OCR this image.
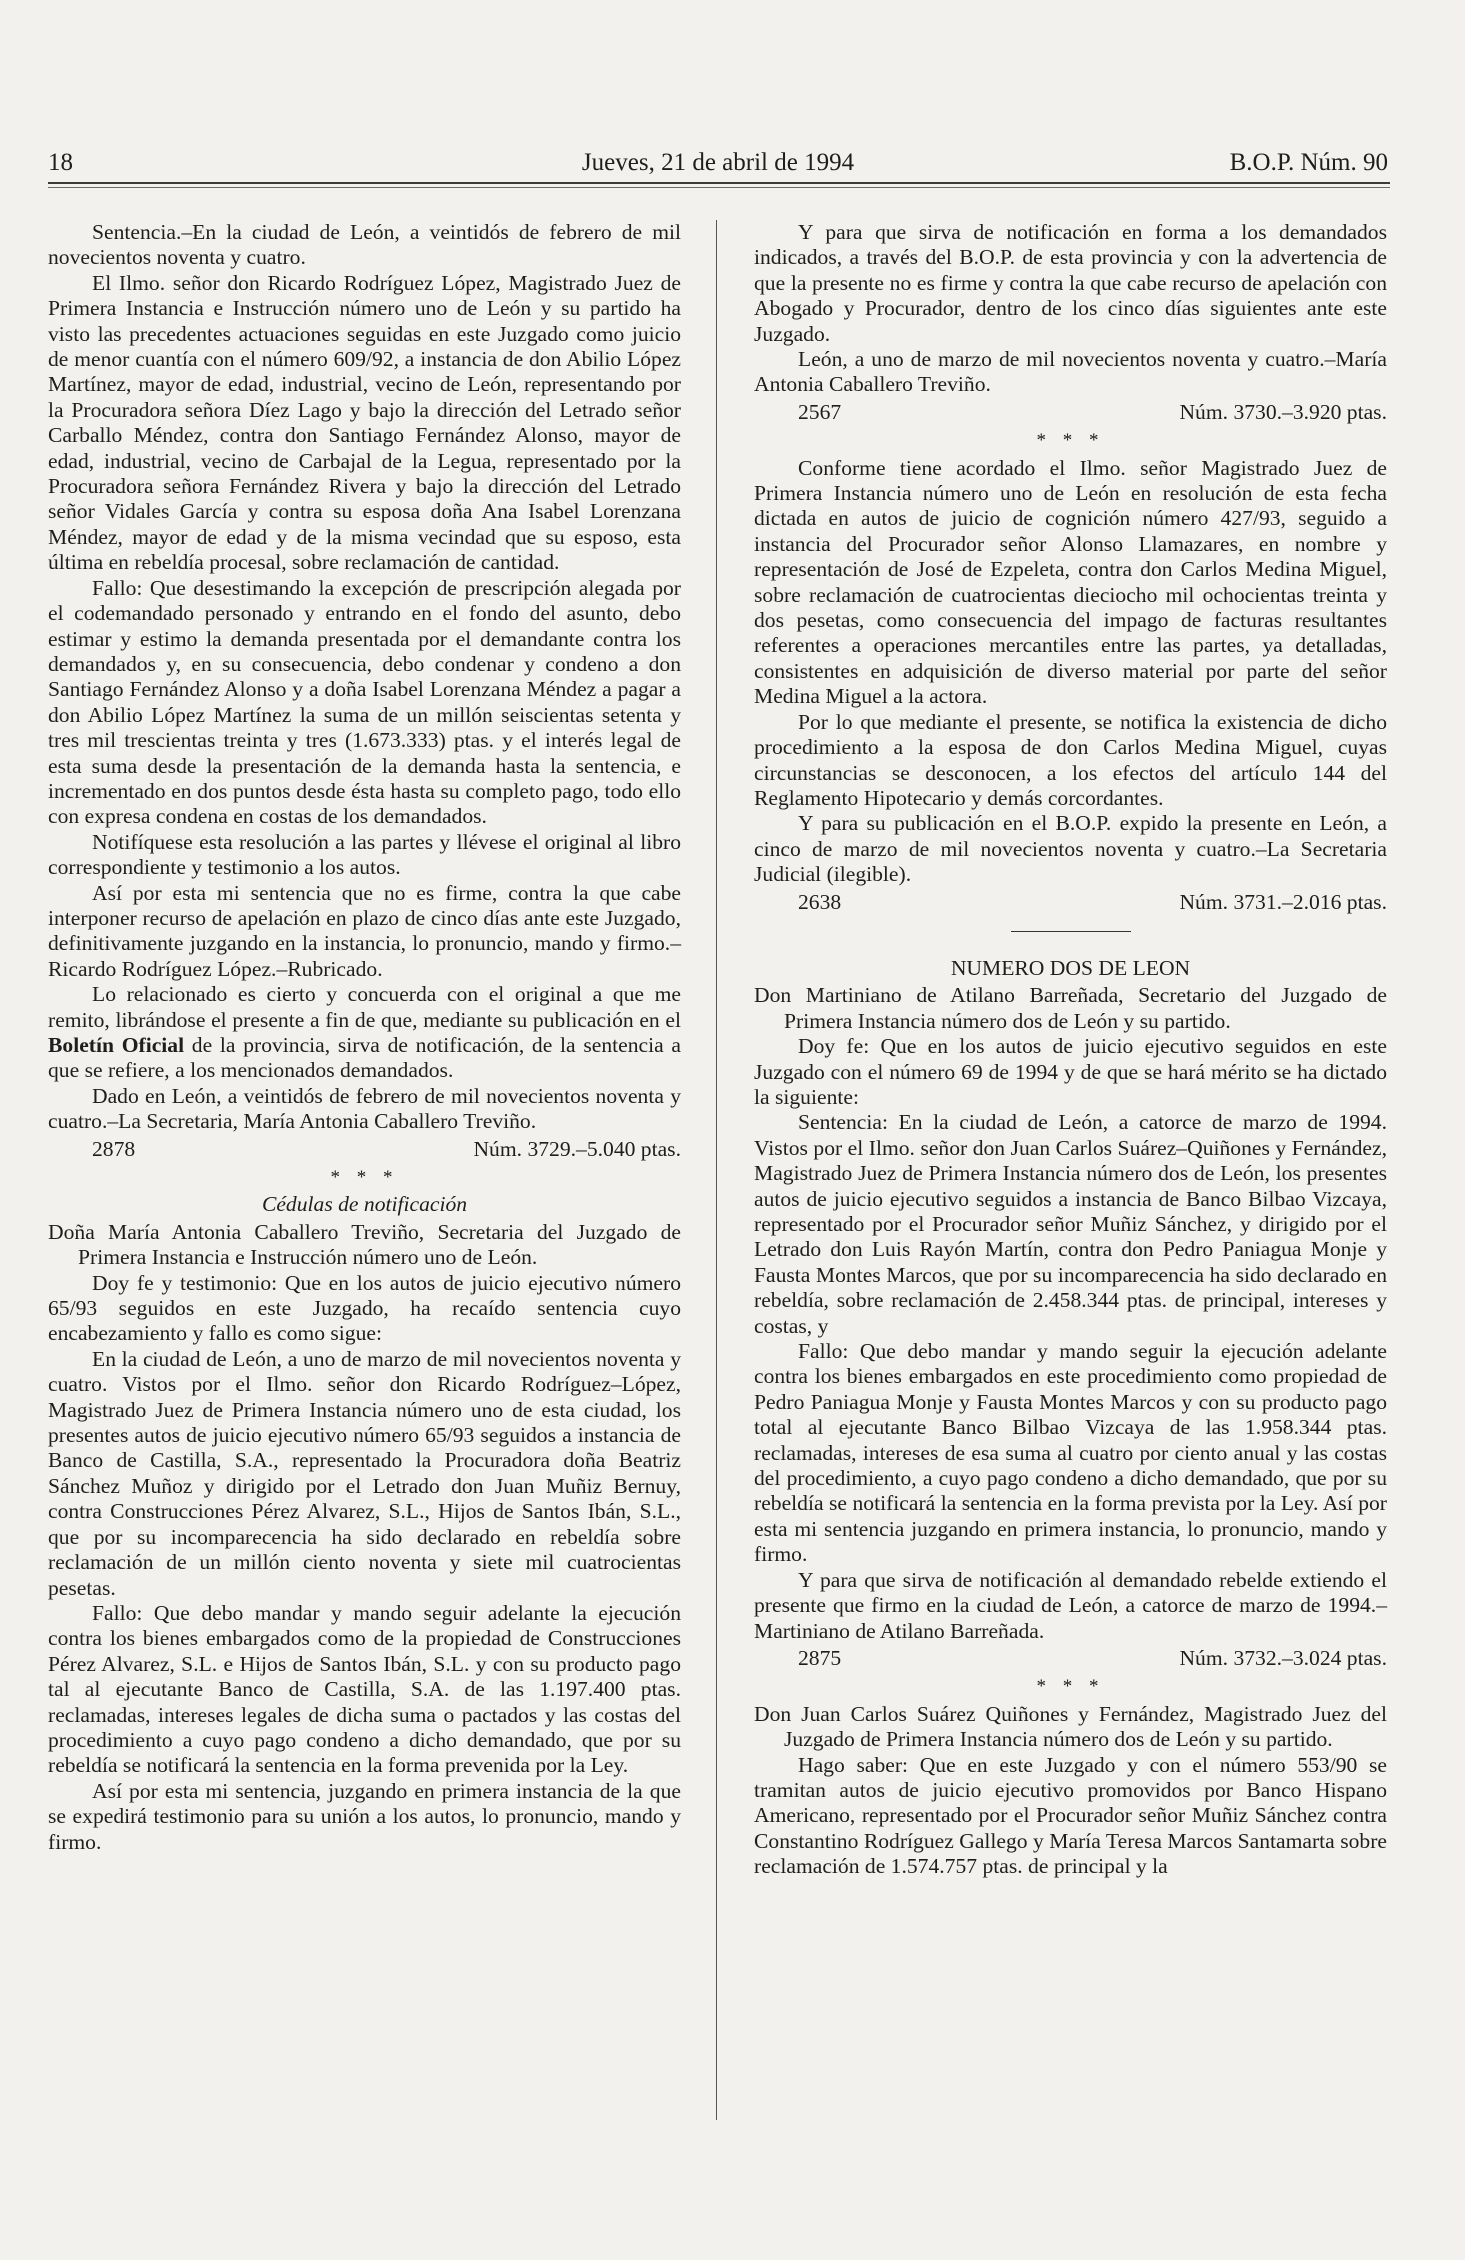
18	Jueves, 21 de abril de 1994	B.O.P. Núm. 90

Sentencia.–En la ciudad de León, a veintidós de febrero de mil novecientos noventa y cuatro.

El Ilmo. señor don Ricardo Rodríguez López, Magistrado Juez de Primera Instancia e Instrucción número uno de León y su partido ha visto las precedentes actuaciones seguidas en este Juzgado como juicio de menor cuantía con el número 609/92, a instancia de don Abilio López Martínez, mayor de edad, industrial, vecino de León, representando por la Procuradora señora Díez Lago y bajo la dirección del Letrado señor Carballo Méndez, contra don Santiago Fernández Alonso, mayor de edad, industrial, vecino de Carbajal de la Legua, representado por la Procuradora señora Fernández Rivera y bajo la dirección del Letrado señor Vidales García y contra su esposa doña Ana Isabel Lorenzana Méndez, mayor de edad y de la misma vecindad que su esposo, esta última en rebeldía procesal, sobre reclamación de cantidad.

Fallo: Que desestimando la excepción de prescripción alegada por el codemandado personado y entrando en el fondo del asunto, debo estimar y estimo la demanda presentada por el demandante contra los demandados y, en su consecuencia, debo condenar y condeno a don Santiago Fernández Alonso y a doña Isabel Lorenzana Méndez a pagar a don Abilio López Martínez la suma de un millón seiscientas setenta y tres mil trescientas treinta y tres (1.673.333) ptas. y el interés legal de esta suma desde la presentación de la demanda hasta la sentencia, e incrementado en dos puntos desde ésta hasta su completo pago, todo ello con expresa condena en costas de los demandados.

Notifíquese esta resolución a las partes y llévese el original al libro correspondiente y testimonio a los autos.

Así por esta mi sentencia que no es firme, contra la que cabe interponer recurso de apelación en plazo de cinco días ante este Juzgado, definitivamente juzgando en la instancia, lo pronuncio, mando y firmo.–Ricardo Rodríguez López.–Rubricado.

Lo relacionado es cierto y concuerda con el original a que me remito, librándose el presente a fin de que, mediante su publicación en el Boletín Oficial de la provincia, sirva de notificación, de la sentencia a que se refiere, a los mencionados demandados.

Dado en León, a veintidós de febrero de mil novecientos noventa y cuatro.–La Secretaria, María Antonia Caballero Treviño.

2878	Núm. 3729.–5.040 ptas.
* * *
Cédulas de notificación

Doña María Antonia Caballero Treviño, Secretaria del Juzgado de Primera Instancia e Instrucción número uno de León.

Doy fe y testimonio: Que en los autos de juicio ejecutivo número 65/93 seguidos en este Juzgado, ha recaído sentencia cuyo encabezamiento y fallo es como sigue:

En la ciudad de León, a uno de marzo de mil novecientos noventa y cuatro. Vistos por el Ilmo. señor don Ricardo Rodríguez–López, Magistrado Juez de Primera Instancia número uno de esta ciudad, los presentes autos de juicio ejecutivo número 65/93 seguidos a instancia de Banco de Castilla, S.A., representado la Procuradora doña Beatriz Sánchez Muñoz y dirigido por el Letrado don Juan Muñiz Bernuy, contra Construcciones Pérez Alvarez, S.L., Hijos de Santos Ibán, S.L., que por su incomparecencia ha sido declarado en rebeldía sobre reclamación de un millón ciento noventa y siete mil cuatrocientas pesetas.

Fallo: Que debo mandar y mando seguir adelante la ejecución contra los bienes embargados como de la propiedad de Construcciones Pérez Alvarez, S.L. e Hijos de Santos Ibán, S.L. y con su producto pago tal al ejecutante Banco de Castilla, S.A. de las 1.197.400 ptas. reclamadas, intereses legales de dicha suma o pactados y las costas del procedimiento a cuyo pago condeno a dicho demandado, que por su rebeldía se notificará la sentencia en la forma prevenida por la Ley.

Así por esta mi sentencia, juzgando en primera instancia de la que se expedirá testimonio para su unión a los autos, lo pronuncio, mando y firmo.

Y para que sirva de notificación en forma a los demandados indicados, a través del B.O.P. de esta provincia y con la advertencia de que la presente no es firme y contra la que cabe recurso de apelación con Abogado y Procurador, dentro de los cinco días siguientes ante este Juzgado.

León, a uno de marzo de mil novecientos noventa y cuatro.–María Antonia Caballero Treviño.

2567	Núm. 3730.–3.920 ptas.
* * *

Conforme tiene acordado el Ilmo. señor Magistrado Juez de Primera Instancia número uno de León en resolución de esta fecha dictada en autos de juicio de cognición número 427/93, seguido a instancia del Procurador señor Alonso Llamazares, en nombre y representación de José de Ezpeleta, contra don Carlos Medina Miguel, sobre reclamación de cuatrocientas dieciocho mil ochocientas treinta y dos pesetas, como consecuencia del impago de facturas resultantes referentes a operaciones mercantiles entre las partes, ya detalladas, consistentes en adquisición de diverso material por parte del señor Medina Miguel a la actora.

Por lo que mediante el presente, se notifica la existencia de dicho procedimiento a la esposa de don Carlos Medina Miguel, cuyas circunstancias se desconocen, a los efectos del artículo 144 del Reglamento Hipotecario y demás corcordantes.

Y para su publicación en el B.O.P. expido la presente en León, a cinco de marzo de mil novecientos noventa y cuatro.–La Secretaria Judicial (ilegible).

2638	Núm. 3731.–2.016 ptas.
NUMERO DOS DE LEON

Don Martiniano de Atilano Barreñada, Secretario del Juzgado de Primera Instancia número dos de León y su partido.

Doy fe: Que en los autos de juicio ejecutivo seguidos en este Juzgado con el número 69 de 1994 y de que se hará mérito se ha dictado la siguiente:

Sentencia: En la ciudad de León, a catorce de marzo de 1994. Vistos por el Ilmo. señor don Juan Carlos Suárez–Quiñones y Fernández, Magistrado Juez de Primera Instancia número dos de León, los presentes autos de juicio ejecutivo seguidos a instancia de Banco Bilbao Vizcaya, representado por el Procurador señor Muñiz Sánchez, y dirigido por el Letrado don Luis Rayón Martín, contra don Pedro Paniagua Monje y Fausta Montes Marcos, que por su incomparecencia ha sido declarado en rebeldía, sobre reclamación de 2.458.344 ptas. de principal, intereses y costas, y

Fallo: Que debo mandar y mando seguir la ejecución adelante contra los bienes embargados en este procedimiento como propiedad de Pedro Paniagua Monje y Fausta Montes Marcos y con su producto pago total al ejecutante Banco Bilbao Vizcaya de las 1.958.344 ptas. reclamadas, intereses de esa suma al cuatro por ciento anual y las costas del procedimiento, a cuyo pago condeno a dicho demandado, que por su rebeldía se notificará la sentencia en la forma prevista por la Ley. Así por esta mi sentencia juzgando en primera instancia, lo pronuncio, mando y firmo.

Y para que sirva de notificación al demandado rebelde extiendo el presente que firmo en la ciudad de León, a catorce de marzo de 1994.–Martiniano de Atilano Barreñada.

2875	Núm. 3732.–3.024 ptas.
* * *

Don Juan Carlos Suárez Quiñones y Fernández, Magistrado Juez del Juzgado de Primera Instancia número dos de León y su partido.

Hago saber: Que en este Juzgado y con el número 553/90 se tramitan autos de juicio ejecutivo promovidos por Banco Hispano Americano, representado por el Procurador señor Muñiz Sánchez contra Constantino Rodríguez Gallego y María Teresa Marcos Santamarta sobre reclamación de 1.574.757 ptas. de principal y la
